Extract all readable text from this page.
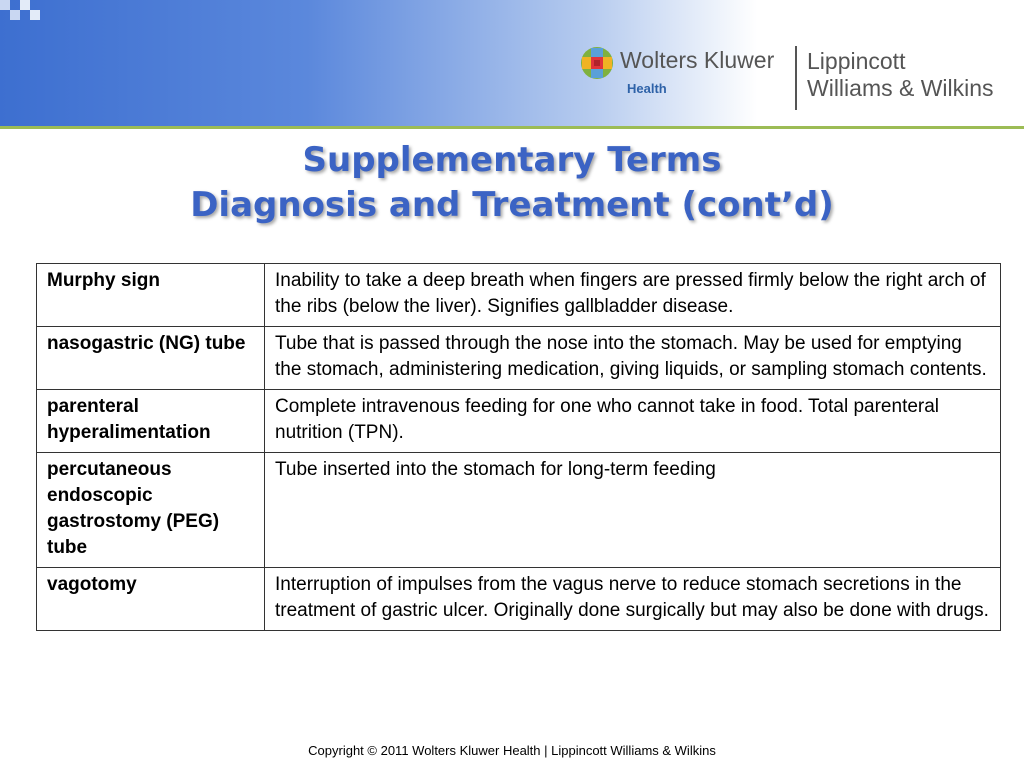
Wolters Kluwer
Health
Lippincott
Williams & Wilkins
Supplementary Terms
Diagnosis and Treatment (cont’d)
Murphy sign	Inability to take a deep breath when fingers are pressed firmly below the right arch of the ribs (below the liver). Signifies gallbladder disease.
nasogastric (NG) tube	Tube that is passed through the nose into the stomach. May be used for emptying the stomach, administering medication, giving liquids, or sampling stomach contents.
parenteral hyperalimentation	Complete intravenous feeding for one who cannot take in food. Total parenteral nutrition (TPN).
percutaneous endoscopic gastrostomy (PEG) tube	Tube inserted into the stomach for long-term feeding
vagotomy	Interruption of impulses from the vagus nerve to reduce stomach secretions in the treatment of gastric ulcer. Originally done surgically but may also be done with drugs.
Copyright © 2011 Wolters Kluwer Health | Lippincott Williams & Wilkins
